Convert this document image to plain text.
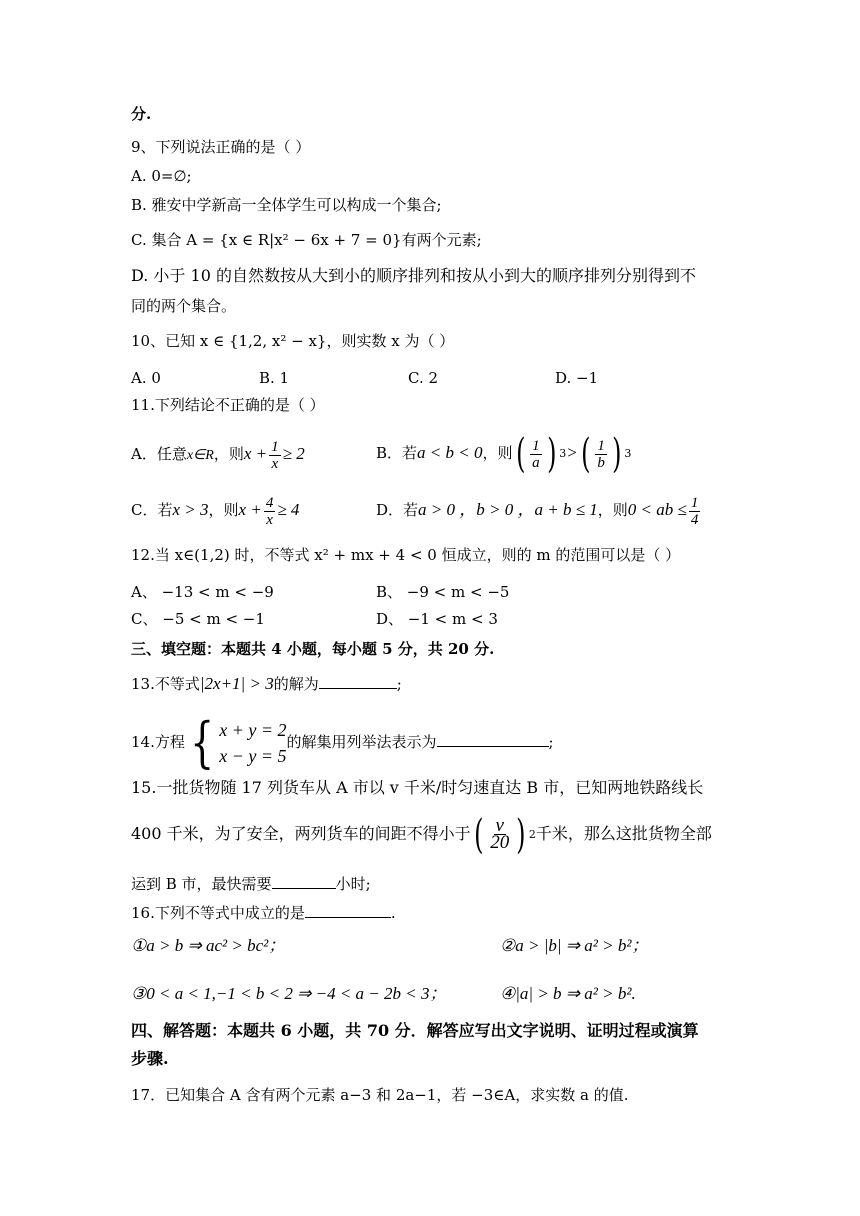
分.
9、下列说法正确的是（ ）
A. 0=∅;
B. 雅安中学新高一全体学生可以构成一个集合;
C. 集合 A = {x ∈ R|x² − 6x + 7 = 0}有两个元素;
D. 小于 10 的自然数按从大到小的顺序排列和按从小到大的顺序排列分别得到不
同的两个集合。
10、已知 x ∈ {1,2, x² − x}，则实数 x 为（ ）
A. 0	B. 1	C. 2	D. −1
11.下列结论不正确的是（ ）
A．任意x∈R，则$x + \frac{1}{x} \ge 2$	B．若a < b < 0，则 ( $\frac{1}{a}$ ) 3 > ( $\frac{1}{b}$ ) 3
C．若x > 3，则$x + \frac{4}{x} \ge 4$	D．若a > 0 ，b > 0 ，a + b ≤ 1，则0 < ab ≤ $\frac{1}{4}$
12.当 x∈(1,2) 时，不等式 x² + mx + 4 < 0 恒成立，则的 m 的范围可以是（ ）
A、 −13 < m < −9	B、 −9 < m < −5
C、 −5 < m < −1	D、 −1 < m < 3
三、填空题：本题共 4 小题，每小题 5 分，共 20 分.
13.不等式|2x+1| > 3的解为	;
14.方程{ x + y = 2
x − y = 5
的解集用列举法表示为	;
15.一批货物随 17 列货车从 A 市以 v 千米/时匀速直达 B 市，已知两地铁路线长
400 千米，为了安全，两列货车的间距不得小于 ( $\frac{v}{20}$ ) 2 千米，那么这批货物全部
运到 B 市，最快需要	小时;
16.下列不等式中成立的是	.
①a > b ⇒ ac² > bc²；	②a > |b| ⇒ a² > b²；
③0 < a < 1,−1 < b < 2 ⇒ −4 < a − 2b < 3；	④|a| > b ⇒ a² > b².
四、解答题：本题共 6 小题，共 70 分．解答应写出文字说明、证明过程或演算
步骤.
17．已知集合 A 含有两个元素 a−3 和 2a−1，若 −3∈A，求实数 a 的值.
